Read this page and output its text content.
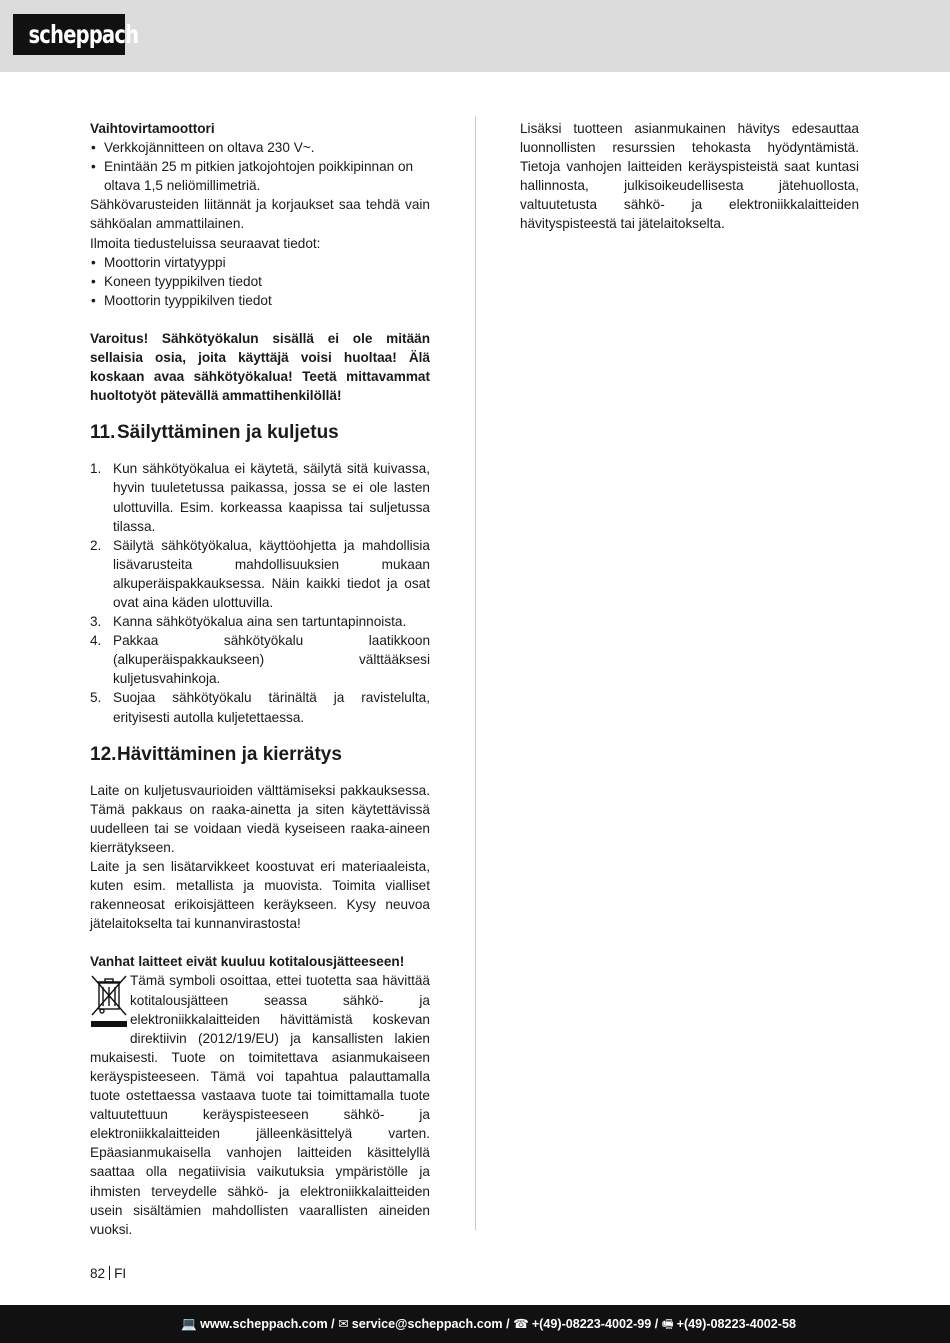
scheppach

Vaihtovirtamoottori

• Verkkojännitteen on oltava 230 V~.
• Enintään 25 m pitkien jatkojohtojen poikkipinnan on oltava 1,5 neliömillimetriä.

Sähkövarusteiden liitännät ja korjaukset saa tehdä vain sähköalan ammattilainen.

Ilmoita tiedusteluissa seuraavat tiedot:

• Moottorin virtatyyppi
• Koneen tyyppikilven tiedot
• Moottorin tyyppikilven tiedot

Varoitus! Sähkötyökalun sisällä ei ole mitään sellaisia osia, joita käyttäjä voisi huoltaa! Älä koskaan avaa sähkötyökalua! Teetä mittavammat huoltotyöt pätevällä ammattihenkilöllä!

11.Säilyttäminen ja kuljetus
1. Kun sähkötyökalua ei käytetä, säilytä sitä kuivassa, hyvin tuuletetussa paikassa, jossa se ei ole lasten ulottuvilla. Esim. korkeassa kaapissa tai suljetussa tilassa.
2. Säilytä sähkötyökalua, käyttöohjetta ja mahdollisia lisävarusteita mahdollisuuksien mukaan alkuperäispakkauksessa. Näin kaikki tiedot ja osat ovat aina käden ulottuvilla.
3. Kanna sähkötyökalua aina sen tartuntapinnoista.
4. Pakkaa sähkötyökalu laatikkoon (alkuperäispakkaukseen) välttääksesi kuljetusvahinkoja.
5. Suojaa sähkötyökalu tärinältä ja ravistelulta, erityisesti autolla kuljetettaessa.
12.Hävittäminen ja kierrätys

Laite on kuljetusvaurioiden välttämiseksi pakkauksessa. Tämä pakkaus on raaka-ainetta ja siten käytettävissä uudelleen tai se voidaan viedä kyseiseen raaka-aineen kierrätykseen.

Laite ja sen lisätarvikkeet koostuvat eri materiaaleista, kuten esim. metallista ja muovista. Toimita vialliset rakenneosat erikoisjätteen keräykseen. Kysy neuvoa jätelaitokselta tai kunnanvirastosta!

Vanhat laitteet eivät kuuluu kotitalousjätteeseen!

Tämä symboli osoittaa, ettei tuotetta saa hävittää kotitalousjätteen seassa sähkö- ja elektroniikkalaitteiden hävittämistä koskevan direktiivin (2012/19/EU) ja kansallisten lakien mukaisesti. Tuote on toimitettava asianmukaiseen keräyspisteeseen. Tämä voi tapahtua palauttamalla tuote ostettaessa vastaava tuote tai toimittamalla tuote valtuutettuun keräyspisteeseen sähkö- ja elektroniikkalaitteiden jälleenkäsittelyä varten. Epäasianmukaisella vanhojen laitteiden käsittelyllä saattaa olla negatiivisia vaikutuksia ympäristölle ja ihmisten terveydelle sähkö- ja elektroniikkalaitteiden usein sisältämien mahdollisten vaarallisten aineiden vuoksi.

Lisäksi tuotteen asianmukainen hävitys edesauttaa luonnollisten resurssien tehokasta hyödyntämistä. Tietoja vanhojen laitteiden keräyspisteistä saat kuntasi hallinnosta, julkisoikeudellisesta jätehuollosta, valtuutetusta sähkö- ja elektroniikkalaitteiden hävityspisteestä tai jätelaitokselta.

82 FI
💻 www.scheppach.com / ✉ service@scheppach.com / ☎ +(49)-08223-4002-99 / 🖷 +(49)-08223-4002-58
